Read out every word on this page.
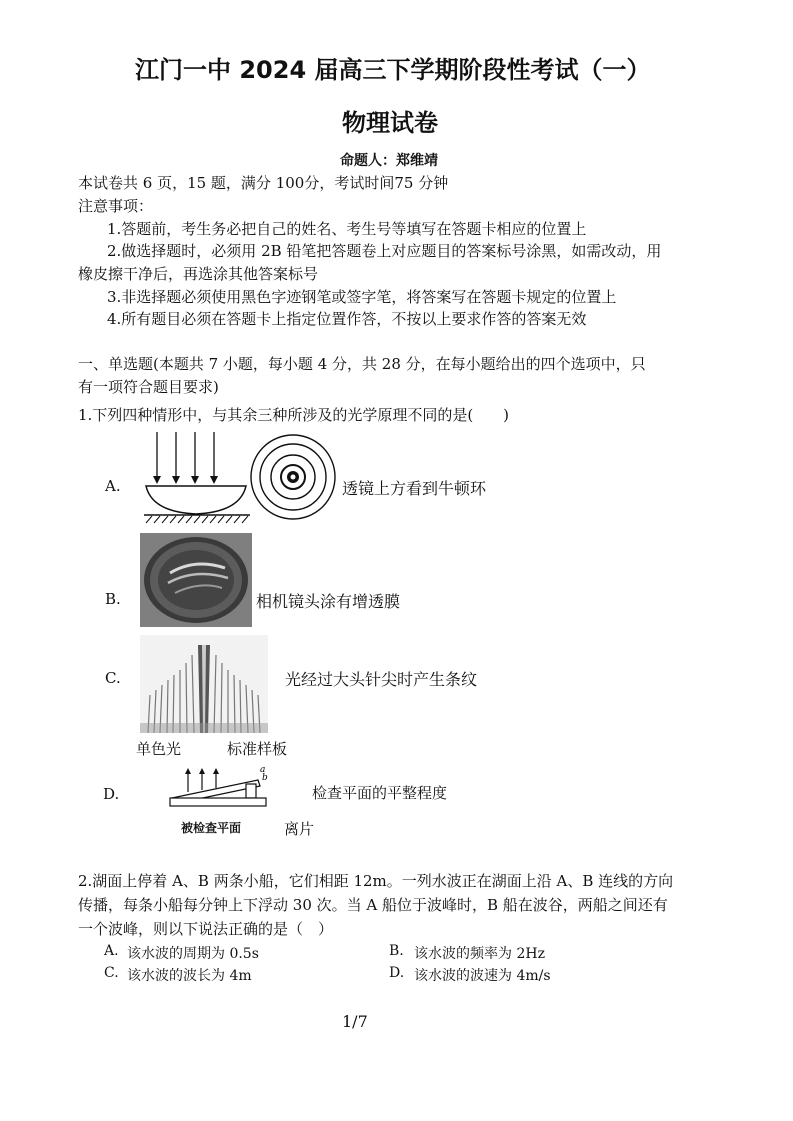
江门一中 2024 届高三下学期阶段性考试（一）
物理试卷
命题人：郑维靖
本试卷共 6 页，15 题，满分 100分，考试时间75 分钟
注意事项：
1.答题前，考生务必把自己的姓名、考生号等填写在答题卡相应的位置上
2.做选择题时，必须用 2B 铅笔把答题卷上对应题目的答案标号涂黑，如需改动，用
橡皮擦干净后，再选涂其他答案标号
3.非选择题必须使用黑色字迹钢笔或签字笔，将答案写在答题卡规定的位置上
4.所有题目必须在答题卡上指定位置作答，不按以上要求作答的答案无效
一、单选题(本题共 7 小题，每小题 4 分，共 28 分，在每小题给出的四个选项中，只
有一项符合题目要求)
1.下列四种情形中，与其余三种所涉及的光学原理不同的是(　　)
A.	透镜上方看到牛顿环
B.	相机镜头涂有增透膜
C.	光经过大头针尖时产生条纹
单色光	标准样板
D.
a
b
被检查平面	离片
检查平面的平整程度
2.湖面上停着 A、B 两条小船，它们相距 12m。一列水波正在湖面上沿 A、B 连线的方向
传播，每条小船每分钟上下浮动 30 次。当 A 船位于波峰时，B 船在波谷，两船之间还有
一个波峰，则以下说法正确的是（　）
A. 该水波的周期为 0.5s	B. 该水波的频率为 2Hz
C. 该水波的波长为 4m	D. 该水波的波速为 4m/s
1/7
